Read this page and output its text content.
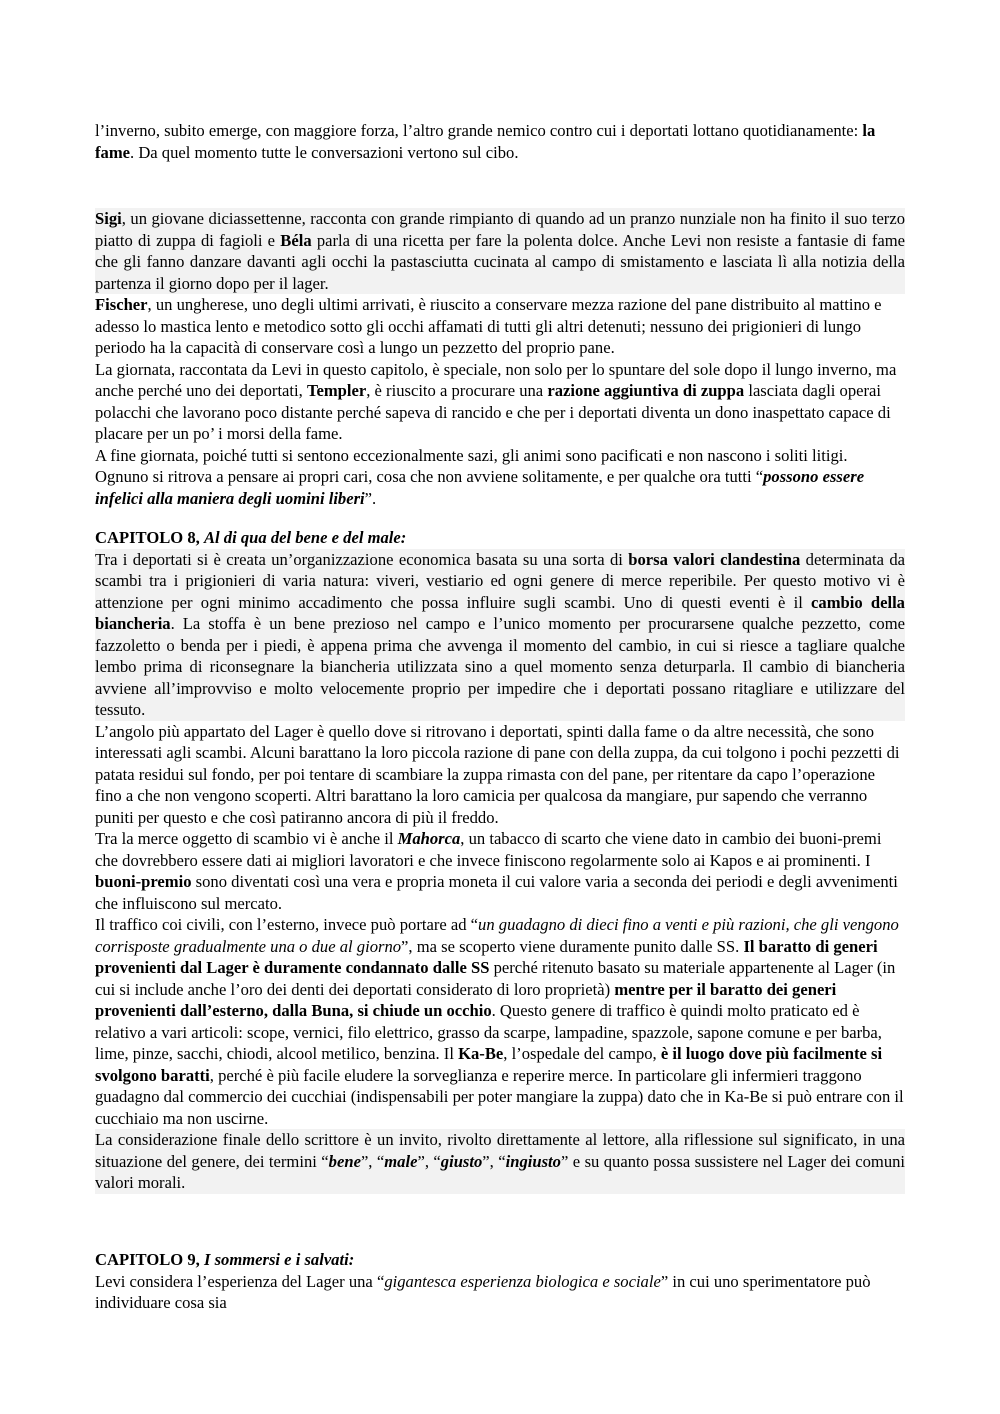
l’inverno, subito emerge, con maggiore forza, l’altro grande nemico contro cui i deportati lottano quotidianamente: la fame. Da quel momento tutte le conversazioni vertono sul cibo.

Sigi, un giovane diciassettenne, racconta con grande rimpianto di quando ad un pranzo nunziale non ha finito il suo terzo piatto di zuppa di fagioli e Béla parla di una ricetta per fare la polenta dolce. Anche Levi non resiste a fantasie di fame che gli fanno danzare davanti agli occhi la pastasciutta cucinata al campo di smistamento e lasciata lì alla notizia della partenza il giorno dopo per il lager.

Fischer, un ungherese, uno degli ultimi arrivati, è riuscito a conservare mezza razione del pane distribuito al mattino e adesso lo mastica lento e metodico sotto gli occhi affamati di tutti gli altri detenuti; nessuno dei prigionieri di lungo periodo ha la capacità di conservare così a lungo un pezzetto del proprio pane.

La giornata, raccontata da Levi in questo capitolo, è speciale, non solo per lo spuntare del sole dopo il lungo inverno, ma anche perché uno dei deportati, Templer, è riuscito a procurare una razione aggiuntiva di zuppa lasciata dagli operai polacchi che lavorano poco distante perché sapeva di rancido e che per i deportati diventa un dono inaspettato capace di placare per un po’ i morsi della fame.

A fine giornata, poiché tutti si sentono eccezionalmente sazi, gli animi sono pacificati e non nascono i soliti litigi. Ognuno si ritrova a pensare ai propri cari, cosa che non avviene solitamente, e per qualche ora tutti “possono essere infelici alla maniera degli uomini liberi”.

CAPITOLO 8, Al di qua del bene e del male:

Tra i deportati si è creata un’organizzazione economica basata su una sorta di borsa valori clandestina determinata da scambi tra i prigionieri di varia natura: viveri, vestiario ed ogni genere di merce reperibile. Per questo motivo vi è attenzione per ogni minimo accadimento che possa influire sugli scambi. Uno di questi eventi è il cambio della biancheria. La stoffa è un bene prezioso nel campo e l’unico momento per procurarsene qualche pezzetto, come fazzoletto o benda per i piedi, è appena prima che avvenga il momento del cambio, in cui si riesce a tagliare qualche lembo prima di riconsegnare la biancheria utilizzata sino a quel momento senza deturparla. Il cambio di biancheria avviene all’improvviso e molto velocemente proprio per impedire che i deportati possano ritagliare e utilizzare del tessuto.

L’angolo più appartato del Lager è quello dove si ritrovano i deportati, spinti dalla fame o da altre necessità, che sono interessati agli scambi. Alcuni barattano la loro piccola razione di pane con della zuppa, da cui tolgono i pochi pezzetti di patata residui sul fondo, per poi tentare di scambiare la zuppa rimasta con del pane, per ritentare da capo l’operazione fino a che non vengono scoperti. Altri barattano la loro camicia per qualcosa da mangiare, pur sapendo che verranno puniti per questo e che così patiranno ancora di più il freddo.

Tra la merce oggetto di scambio vi è anche il Mahorca, un tabacco di scarto che viene dato in cambio dei buoni-premi che dovrebbero essere dati ai migliori lavoratori e che invece finiscono regolarmente solo ai Kapos e ai prominenti. I buoni-premio sono diventati così una vera e propria moneta il cui valore varia a seconda dei periodi e degli avvenimenti che influiscono sul mercato.

Il traffico coi civili, con l’esterno, invece può portare ad “un guadagno di dieci fino a venti e più razioni, che gli vengono corrisposte gradualmente una o due al giorno”, ma se scoperto viene duramente punito dalle SS. Il baratto di generi provenienti dal Lager è duramente condannato dalle SS perché ritenuto basato su materiale appartenente al Lager (in cui si include anche l’oro dei denti dei deportati considerato di loro proprietà) mentre per il baratto dei generi provenienti dall’esterno, dalla Buna, si chiude un occhio. Questo genere di traffico è quindi molto praticato ed è relativo a vari articoli: scope, vernici, filo elettrico, grasso da scarpe, lampadine, spazzole, sapone comune e per barba, lime, pinze, sacchi, chiodi, alcool metilico, benzina. Il Ka-Be, l’ospedale del campo, è il luogo dove più facilmente si svolgono baratti, perché è più facile eludere la sorveglianza e reperire merce. In particolare gli infermieri traggono guadagno dal commercio dei cucchiai (indispensabili per poter mangiare la zuppa) dato che in Ka-Be si può entrare con il cucchiaio ma non uscirne.

La considerazione finale dello scrittore è un invito, rivolto direttamente al lettore, alla riflessione sul significato, in una situazione del genere, dei termini “bene”, “male”, “giusto”, “ingiusto” e su quanto possa sussistere nel Lager dei comuni valori morali.

CAPITOLO 9, I sommersi e i salvati:

Levi considera l’esperienza del Lager una “gigantesca esperienza biologica e sociale” in cui uno sperimentatore può individuare cosa sia
